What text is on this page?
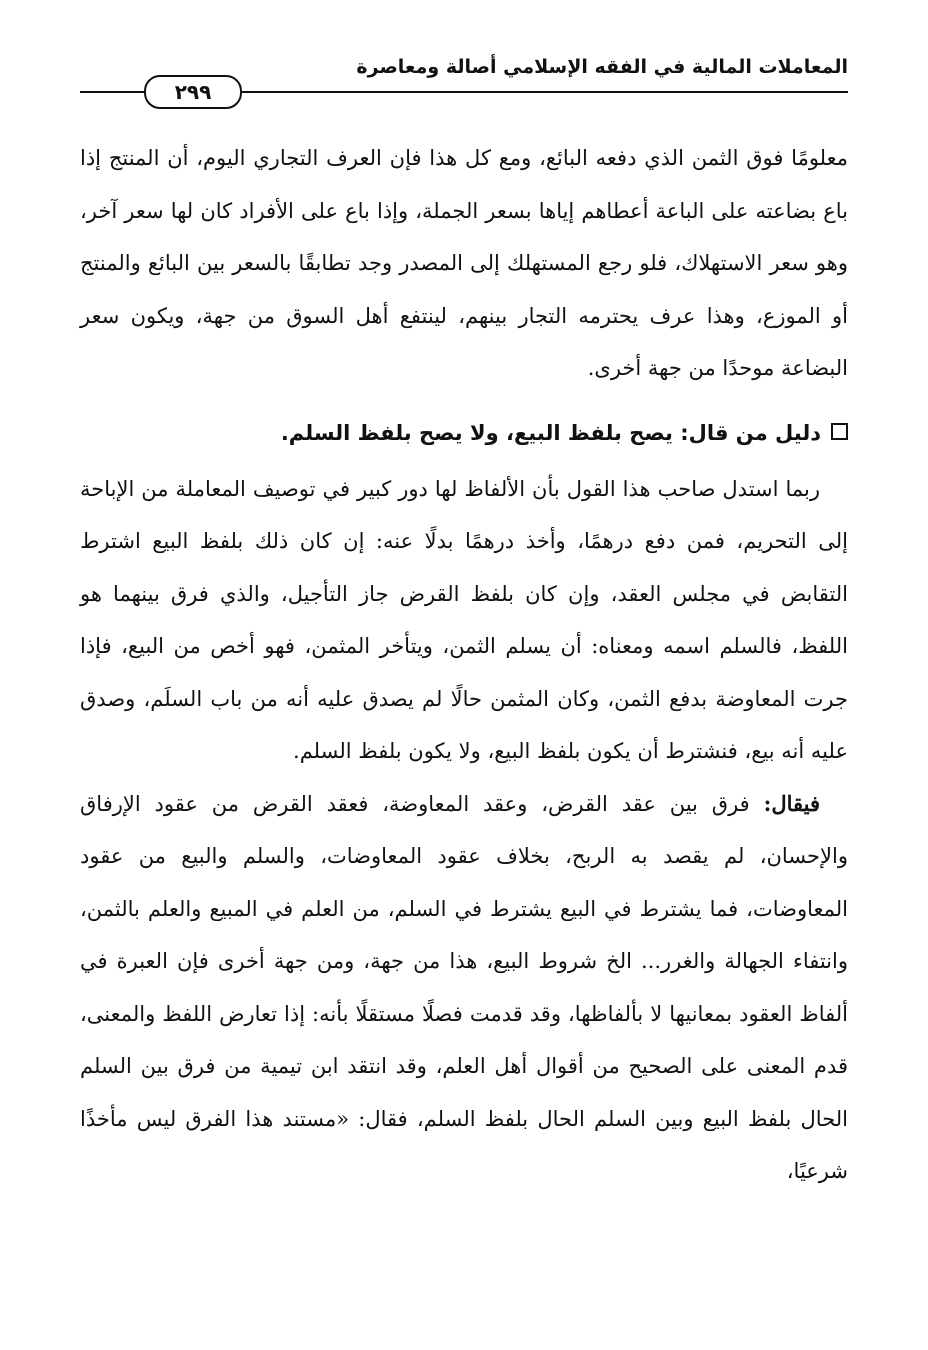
المعاملات المالية في الفقه الإسلامي أصالة ومعاصرة
٢٩٩

معلومًا فوق الثمن الذي دفعه البائع، ومع كل هذا فإن العرف التجاري اليوم، أن المنتج إذا باع بضاعته على الباعة أعطاهم إياها بسعر الجملة، وإذا باع على الأفراد كان لها سعر آخر، وهو سعر الاستهلاك، فلو رجع المستهلك إلى المصدر وجد تطابقًا بالسعر بين البائع والمنتج أو الموزع، وهذا عرف يحترمه التجار بينهم، لينتفع أهل السوق من جهة، ويكون سعر البضاعة موحدًا من جهة أخرى.

دليل من قال: يصح بلفظ البيع، ولا يصح بلفظ السلم.

ربما استدل صاحب هذا القول بأن الألفاظ لها دور كبير في توصيف المعاملة من الإباحة إلى التحريم، فمن دفع درهمًا، وأخذ درهمًا بدلًا عنه: إن كان ذلك بلفظ البيع اشترط التقابض في مجلس العقد، وإن كان بلفظ القرض جاز التأجيل، والذي فرق بينهما هو اللفظ، فالسلم اسمه ومعناه: أن يسلم الثمن، ويتأخر المثمن، فهو أخص من البيع، فإذا جرت المعاوضة بدفع الثمن، وكان المثمن حالًا لم يصدق عليه أنه من باب السلَم، وصدق عليه أنه بيع، فنشترط أن يكون بلفظ البيع، ولا يكون بلفظ السلم.

فيقال: فرق بين عقد القرض، وعقد المعاوضة، فعقد القرض من عقود الإرفاق والإحسان، لم يقصد به الربح، بخلاف عقود المعاوضات، والسلم والبيع من عقود المعاوضات، فما يشترط في البيع يشترط في السلم، من العلم في المبيع والعلم بالثمن، وانتفاء الجهالة والغرر... الخ شروط البيع، هذا من جهة، ومن جهة أخرى فإن العبرة في ألفاظ العقود بمعانيها لا بألفاظها، وقد قدمت فصلًا مستقلًا بأنه: إذا تعارض اللفظ والمعنى، قدم المعنى على الصحيح من أقوال أهل العلم، وقد انتقد ابن تيمية من فرق بين السلم الحال بلفظ البيع وبين السلم الحال بلفظ السلم، فقال: «مستند هذا الفرق ليس مأخذًا شرعيًا،
